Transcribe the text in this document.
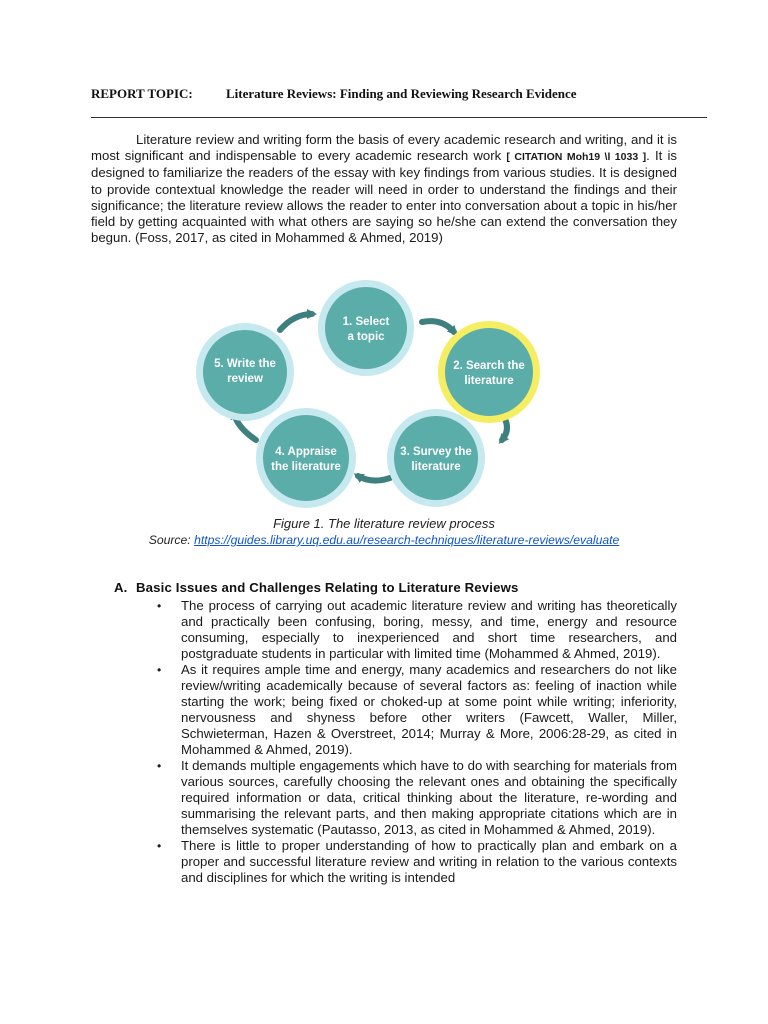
REPORT TOPIC:	Literature Reviews: Finding and Reviewing Research Evidence

Literature review and writing form the basis of every academic research and writing, and it is most significant and indispensable to every academic research work [ CITATION Moh19 \l 1033 ]. It is designed to familiarize the readers of the essay with key findings from various studies. It is designed to provide contextual knowledge the reader will need in order to understand the findings and their significance; the literature review allows the reader to enter into conversation about a topic in his/her field by getting acquainted with what others are saying so he/she can extend the conversation they begun. (Foss, 2017, as cited in Mohammed & Ahmed, 2019)

1. Select
a topic
2. Search the
literature
3. Survey the
literature
4. Appraise
the literature
5. Write the
review
Figure 1. The literature review process
Source: https://guides.library.uq.edu.au/research-techniques/literature-reviews/evaluate
A. Basic Issues and Challenges Relating to Literature Reviews
•	The process of carrying out academic literature review and writing has theoretically and practically been confusing, boring, messy, and time, energy and resource consuming, especially to inexperienced and short time researchers, and postgraduate students in particular with limited time (Mohammed & Ahmed, 2019).
•	As it requires ample time and energy, many academics and researchers do not like review/writing academically because of several factors as: feeling of inaction while starting the work; being fixed or choked-up at some point while writing; inferiority, nervousness and shyness before other writers (Fawcett, Waller, Miller, Schwieterman, Hazen & Overstreet, 2014; Murray & More, 2006:28-29, as cited in Mohammed & Ahmed, 2019).
•	It demands multiple engagements which have to do with searching for materials from various sources, carefully choosing the relevant ones and obtaining the specifically required information or data, critical thinking about the literature, re-wording and summarising the relevant parts, and then making appropriate citations which are in themselves systematic (Pautasso, 2013, as cited in Mohammed & Ahmed, 2019).
•	There is little to proper understanding of how to practically plan and embark on a proper and successful literature review and writing in relation to the various contexts and disciplines for which the writing is intended
